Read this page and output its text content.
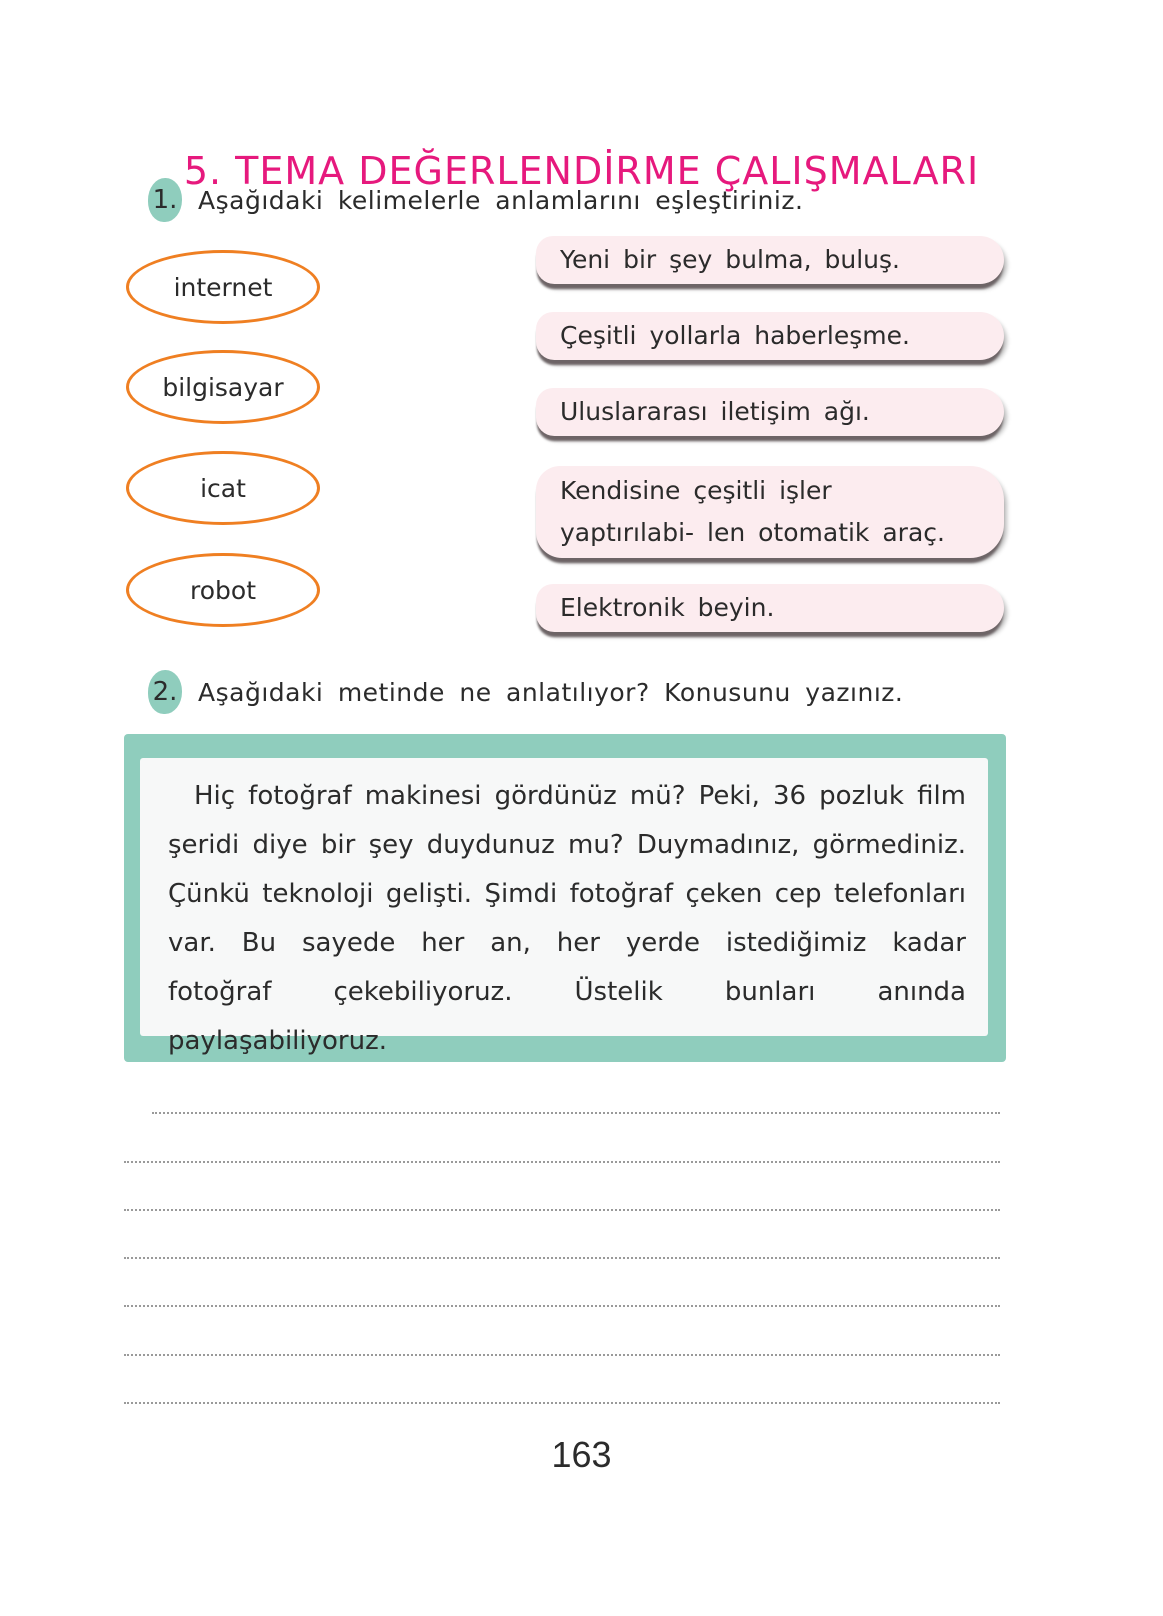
5. TEMA DEĞERLENDİRME ÇALIŞMALARI
1. Aşağıdaki kelimelerle anlamlarını eşleştiriniz.
internet
bilgisayar
icat
robot
Yeni bir şey bulma, buluş.
Çeşitli yollarla haberleşme.
Uluslararası iletişim ağı.
Kendisine çeşitli işler yaptırılabi- len otomatik araç.
Elektronik beyin.
2. Aşağıdaki metinde ne anlatılıyor? Konusunu yazınız.

Hiç fotoğraf makinesi gördünüz mü? Peki, 36 pozluk film şeridi diye bir şey duydunuz mu? Duymadınız, görmediniz. Çünkü teknoloji gelişti. Şimdi fotoğraf çeken cep telefonları var. Bu sayede her an, her yerde istediğimiz kadar fotoğraf çekebiliyoruz. Üstelik bunları anında paylaşabiliyoruz.

163
